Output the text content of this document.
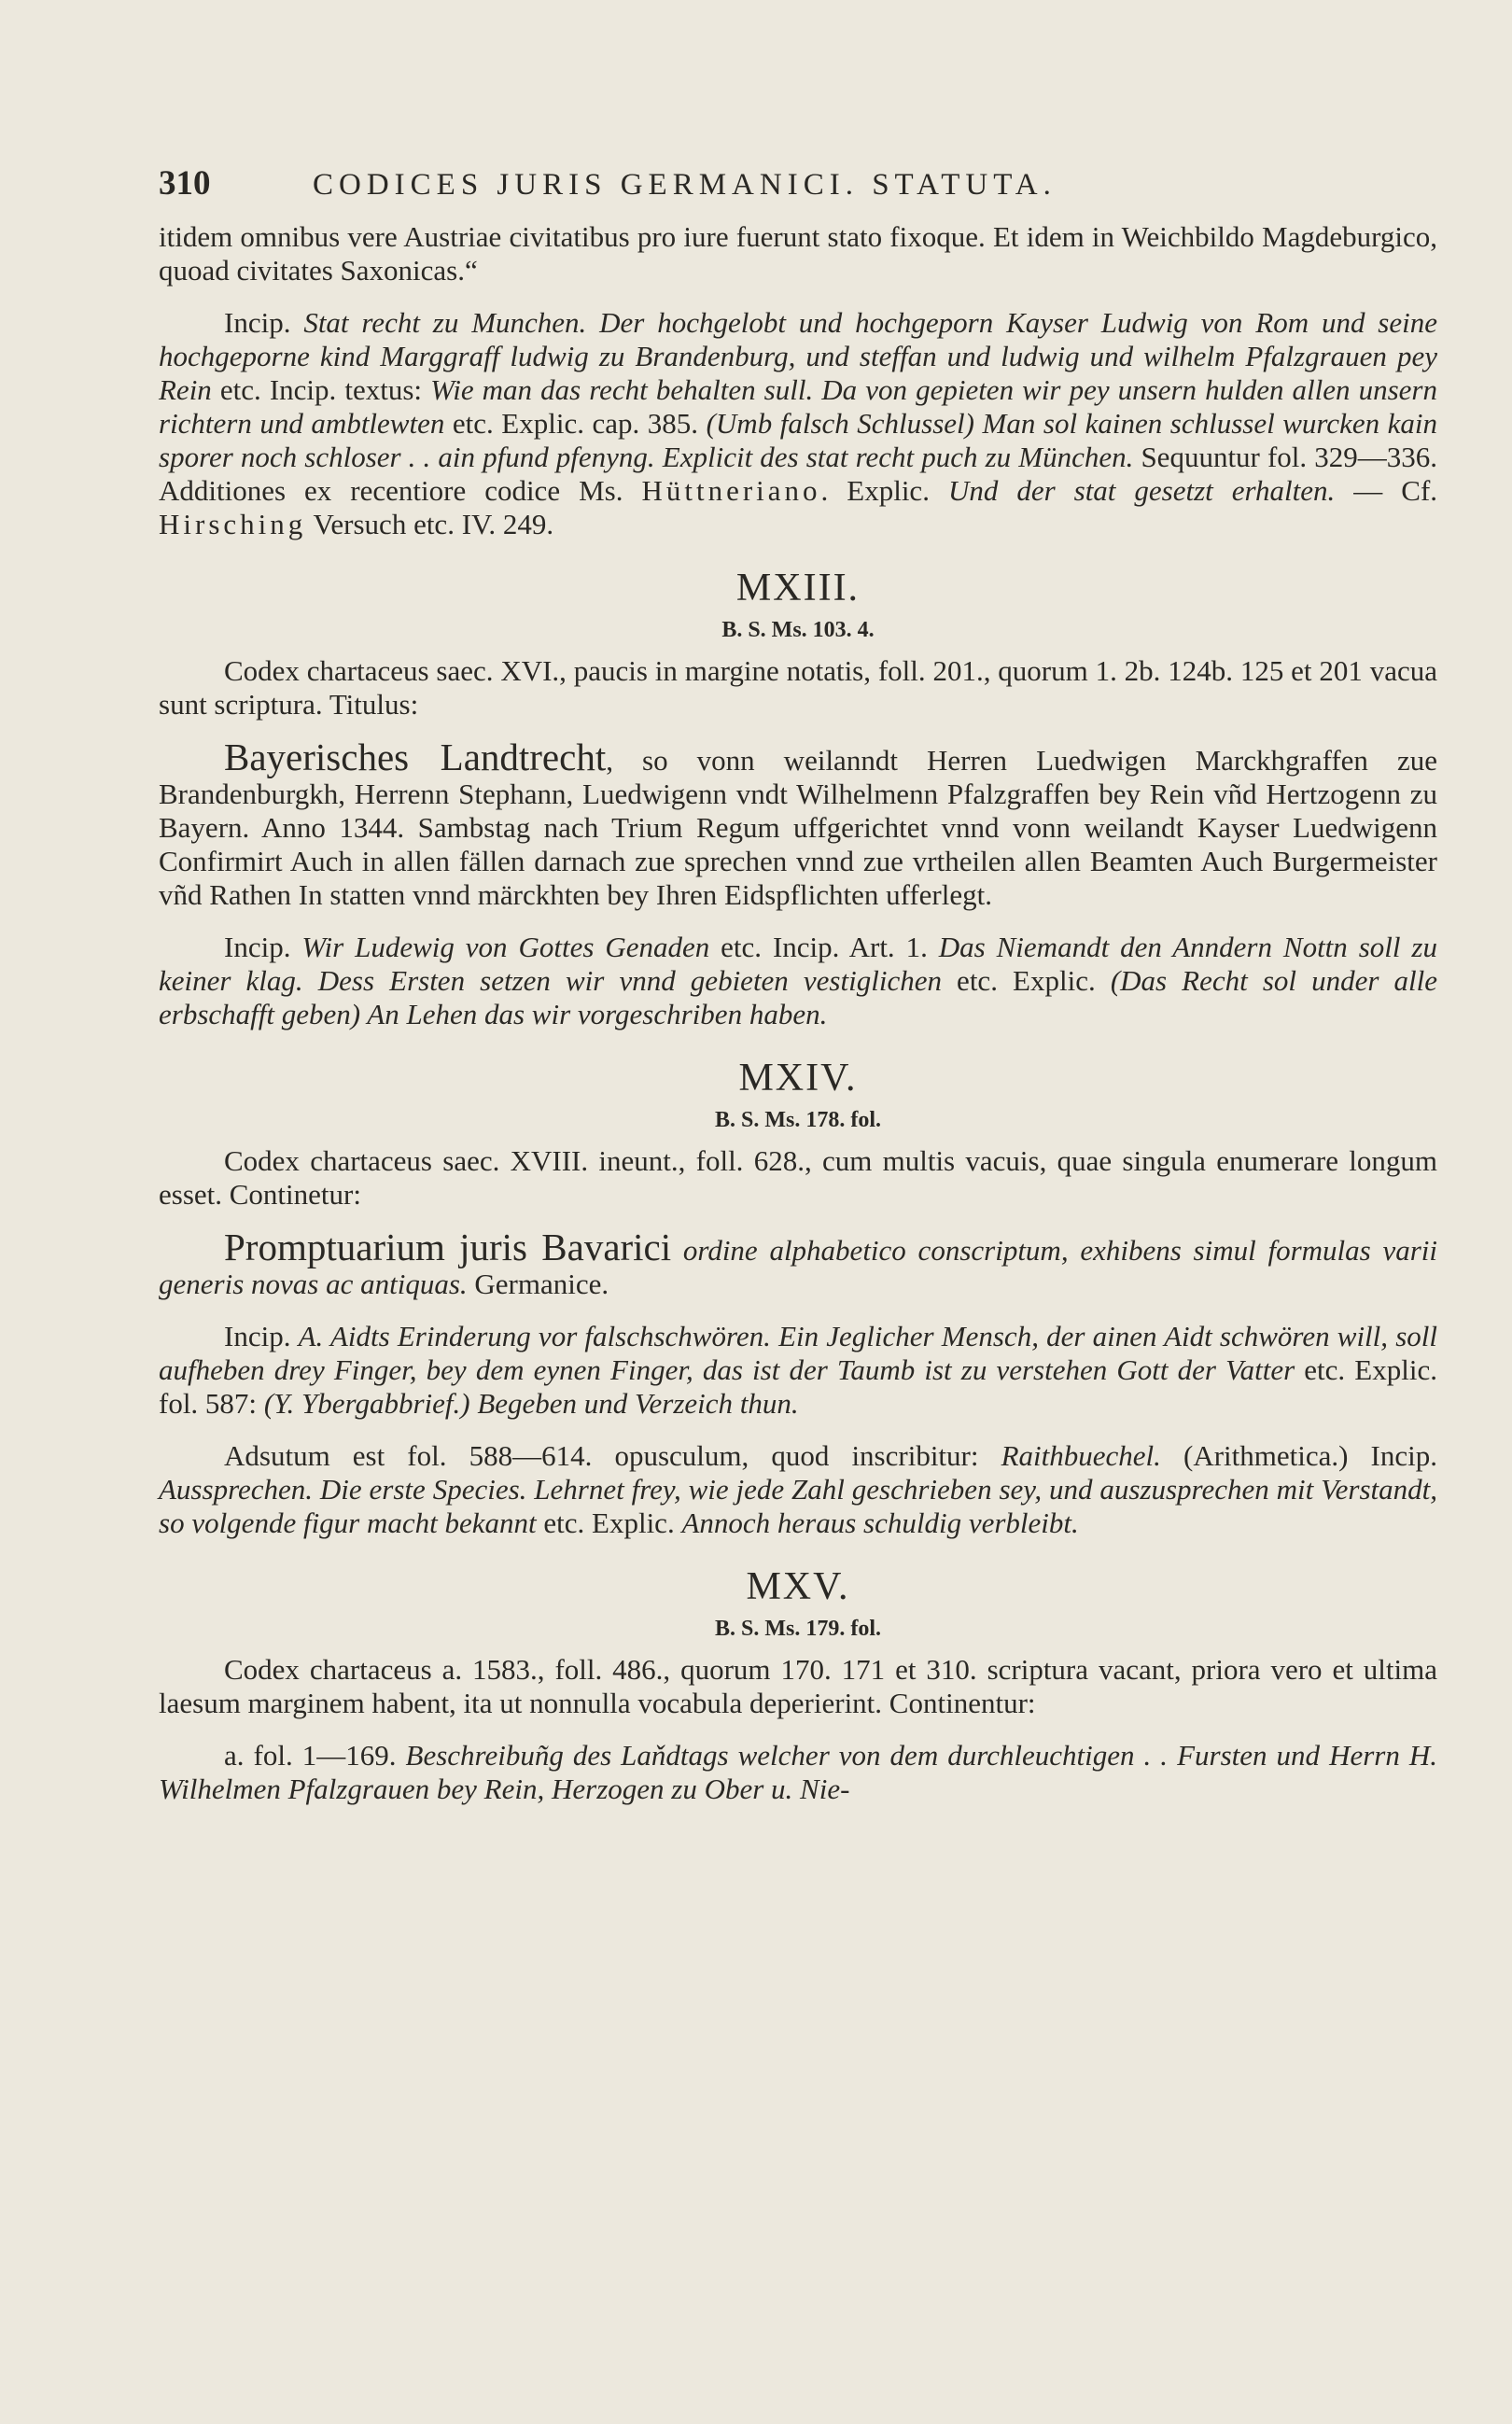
310	CODICES JURIS GERMANICI. STATUTA.

itidem omnibus vere Austriae civitatibus pro iure fuerunt stato fixoque. Et idem in Weichbildo Magdeburgico, quoad civitates Saxonicas.“

Incip. Stat recht zu Munchen. Der hochgelobt und hochgeporn Kayser Ludwig von Rom und seine hochgeporne kind Marggraff ludwig zu Brandenburg, und steffan und ludwig und wilhelm Pfalzgrauen pey Rein etc. Incip. textus: Wie man das recht behalten sull. Da von gepieten wir pey unsern hulden allen unsern richtern und ambtlewten etc. Explic. cap. 385. (Umb falsch Schlussel) Man sol kainen schlussel wurcken kain sporer noch schloser . . ain pfund pfenyng. Explicit des stat recht puch zu München. Sequuntur fol. 329—336. Additiones ex recentiore codice Ms. Hüttneriano. Explic. Und der stat gesetzt erhalten. — Cf. Hirsching Versuch etc. IV. 249.

MXIII.
B. S. Ms. 103. 4.

Codex chartaceus saec. XVI., paucis in margine notatis, foll. 201., quorum 1. 2b. 124b. 125 et 201 vacua sunt scriptura. Titulus:

Bayerisches Landtrecht, so vonn weilanndt Herren Luedwigen Marckhgraffen zue Brandenburgkh, Herrenn Stephann, Luedwigenn vndt Wilhelmenn Pfalzgraffen bey Rein vñd Hertzogenn zu Bayern. Anno 1344. Sambstag nach Trium Regum uffgerichtet vnnd vonn weilandt Kayser Luedwigenn Confirmirt Auch in allen fällen darnach zue sprechen vnnd zue vrtheilen allen Beamten Auch Burgermeister vñd Rathen In statten vnnd märckhten bey Ihren Eidspflichten ufferlegt.

Incip. Wir Ludewig von Gottes Genaden etc. Incip. Art. 1. Das Niemandt den Anndern Nottn soll zu keiner klag. Dess Ersten setzen wir vnnd gebieten vestiglichen etc. Explic. (Das Recht sol under alle erbschafft geben) An Lehen das wir vorgeschriben haben.

MXIV.
B. S. Ms. 178. fol.

Codex chartaceus saec. XVIII. ineunt., foll. 628., cum multis vacuis, quae singula enumerare longum esset. Continetur:

Promptuarium juris Bavarici ordine alphabetico conscriptum, exhibens simul formulas varii generis novas ac antiquas. Germanice.

Incip. A. Aidts Erinderung vor falschschwören. Ein Jeglicher Mensch, der ainen Aidt schwören will, soll aufheben drey Finger, bey dem eynen Finger, das ist der Taumb ist zu verstehen Gott der Vatter etc. Explic. fol. 587: (Y. Ybergabbrief.) Begeben und Verzeich thun.

Adsutum est fol. 588—614. opusculum, quod inscribitur: Raithbuechel. (Arithmetica.) Incip. Aussprechen. Die erste Species. Lehrnet frey, wie jede Zahl geschrieben sey, und auszusprechen mit Verstandt, so volgende figur macht bekannt etc. Explic. Annoch heraus schuldig verbleibt.

MXV.
B. S. Ms. 179. fol.

Codex chartaceus a. 1583., foll. 486., quorum 170. 171 et 310. scriptura vacant, priora vero et ultima laesum marginem habent, ita ut nonnulla vocabula deperierint. Continentur:

a. fol. 1—169. Beschreibuñg des Laňdtags welcher von dem durchleuchtigen . . Fursten und Herrn H. Wilhelmen Pfalzgrauen bey Rein, Herzogen zu Ober u. Nie-
